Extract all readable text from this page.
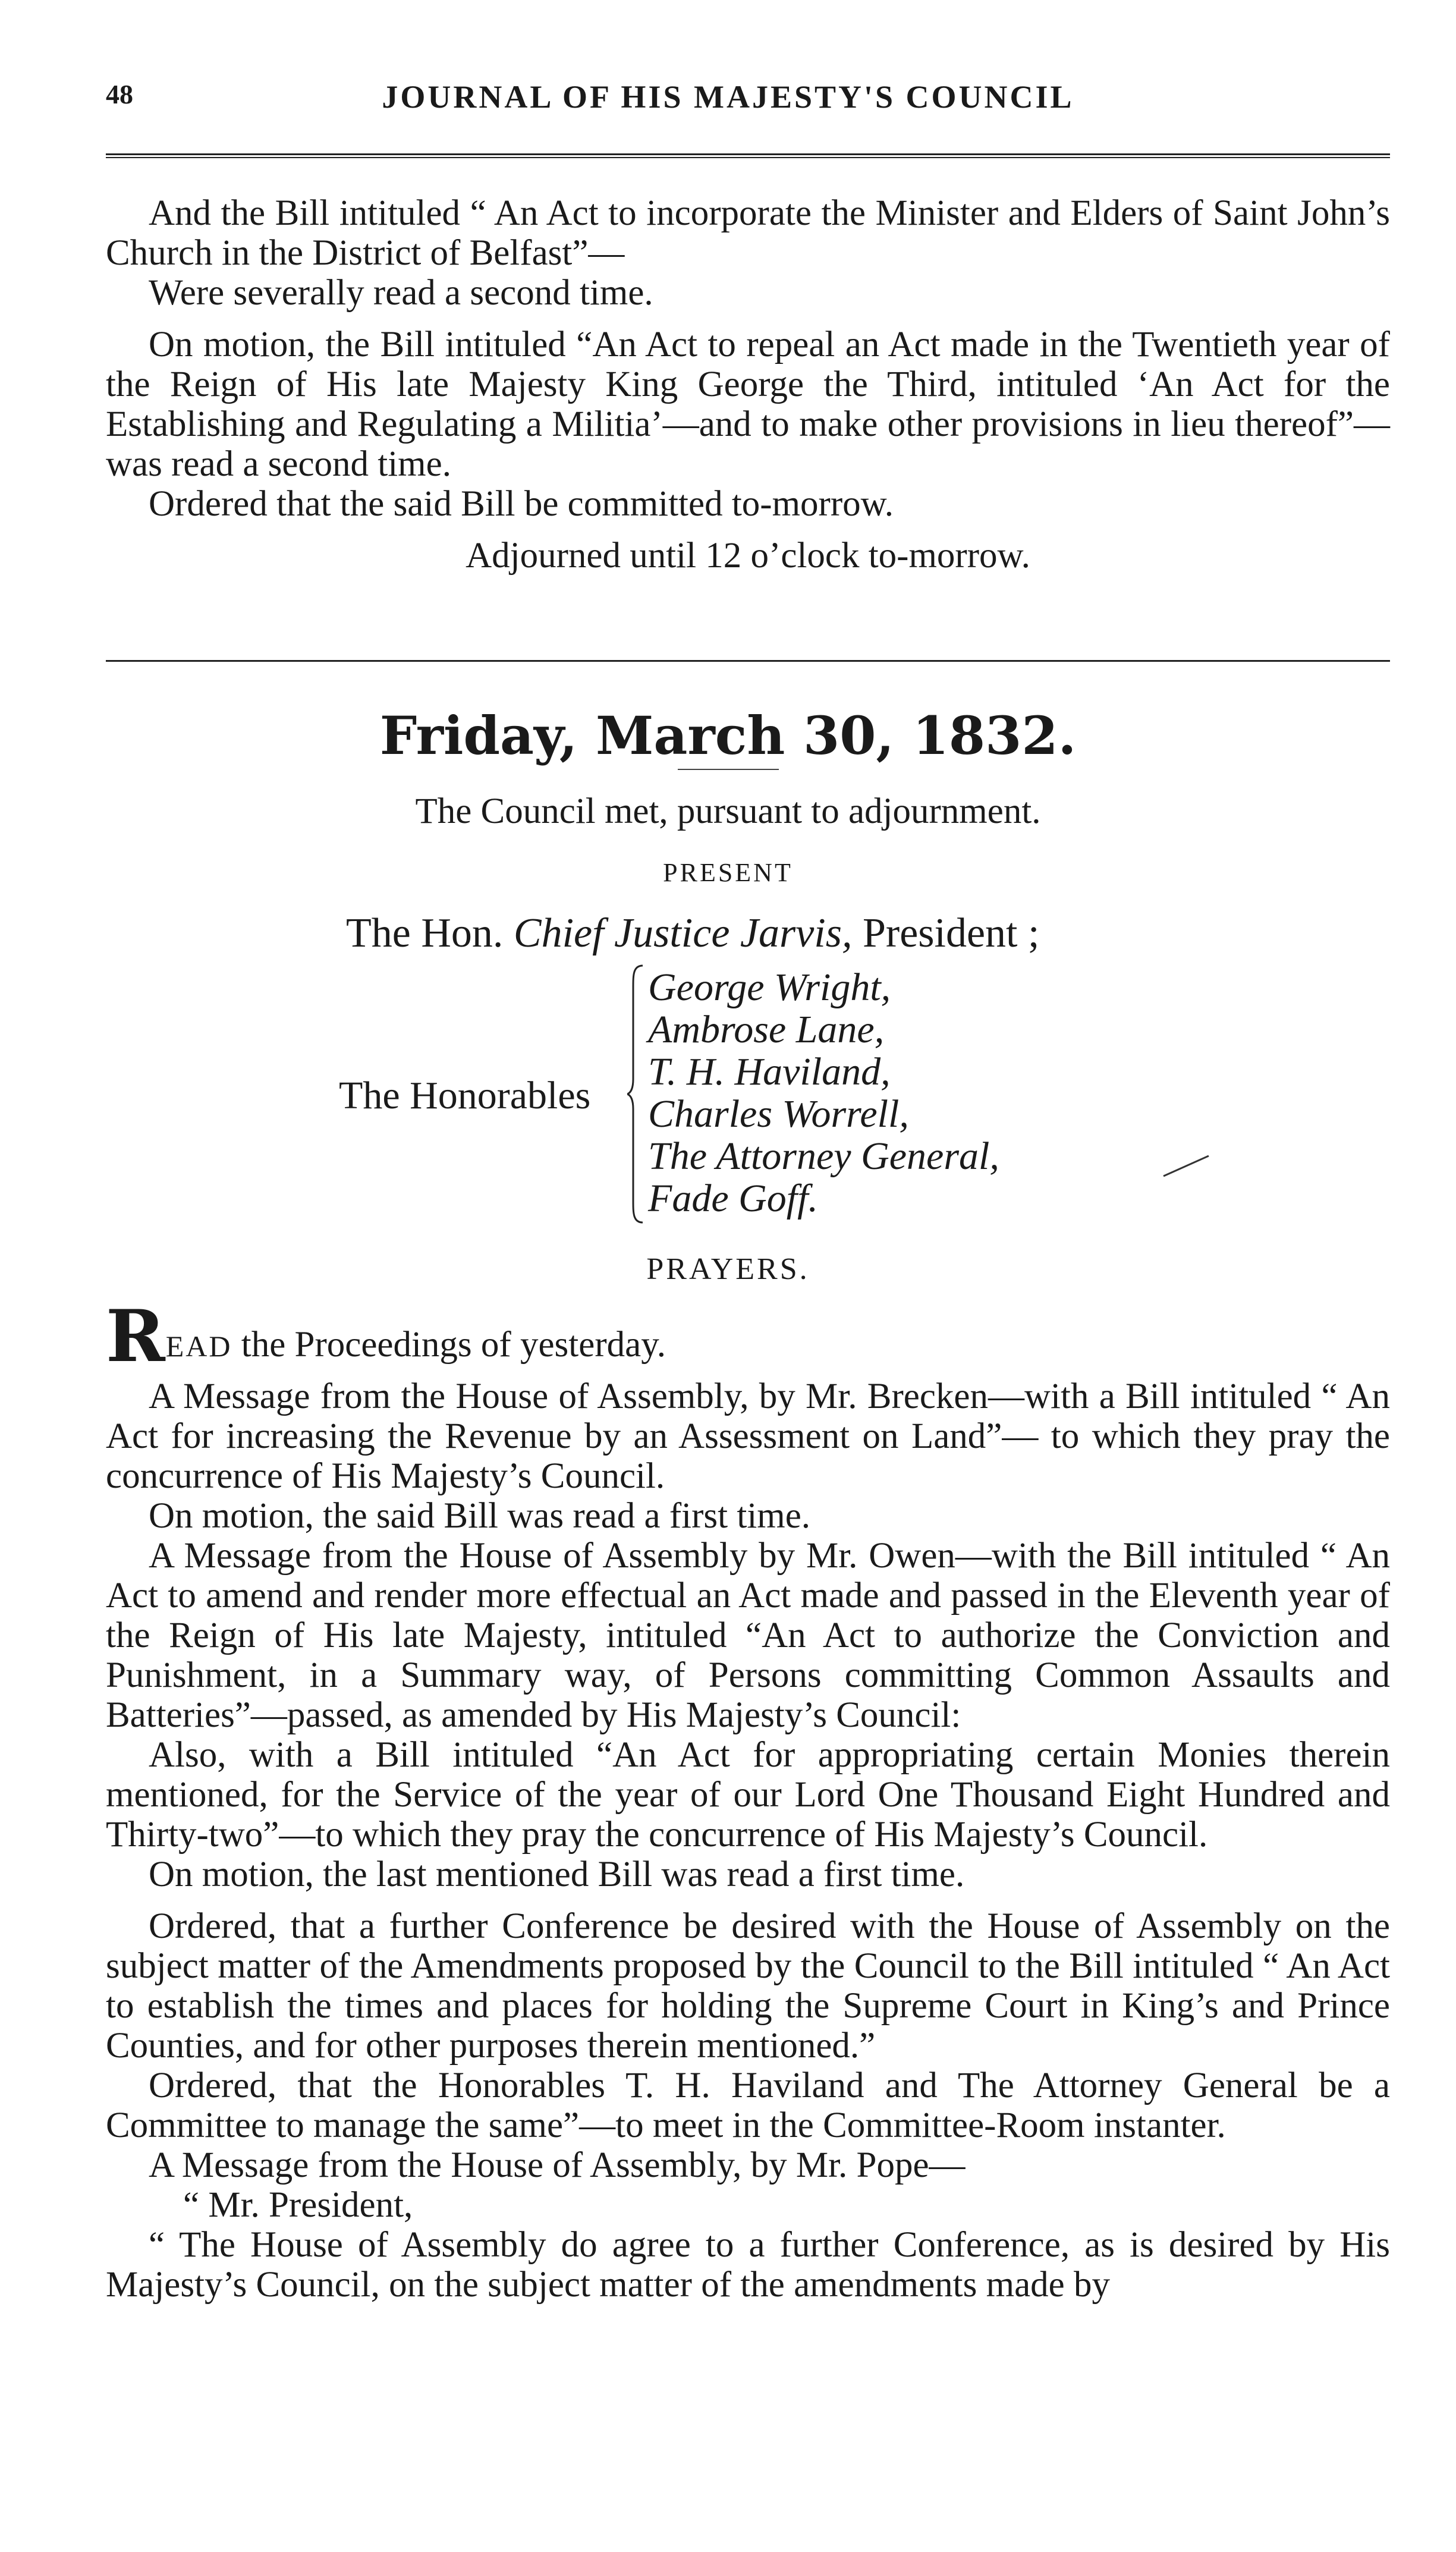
48	JOURNAL OF HIS MAJESTY'S COUNCIL

And the Bill intituled “ An Act to incorporate the Minister and Elders of Saint John’s Church in the District of Belfast”—

Were severally read a second time.

On motion, the Bill intituled “An Act to repeal an Act made in the Twentieth year of the Reign of His late Majesty King George the Third, intituled ‘An Act for the Establishing and Regulating a Militia’—and to make other provisions in lieu thereof”—was read a second time.

Ordered that the said Bill be committed to-morrow.

Adjourned until 12 o’clock to-morrow.

Friday, March 30, 1832.
The Council met, pursuant to adjournment.
PRESENT
The Hon. Chief Justice Jarvis, President ;
The Honorables
George Wright,
Ambrose Lane,
T. H. Haviland,
Charles Worrell,
The Attorney General,
Fade Goff.
PRAYERS.
READ the Proceedings of yesterday.

A Message from the House of Assembly, by Mr. Brecken—with a Bill intituled “ An Act for increasing the Revenue by an Assessment on Land”— to which they pray the concurrence of His Majesty’s Council.

On motion, the said Bill was read a first time.

A Message from the House of Assembly by Mr. Owen—with the Bill intituled “ An Act to amend and render more effectual an Act made and passed in the Eleventh year of the Reign of His late Majesty, intituled “An Act to authorize the Conviction and Punishment, in a Summary way, of Persons committing Common Assaults and Batteries”—passed, as amended by His Majesty’s Council:

Also, with a Bill intituled “An Act for appropriating certain Monies therein mentioned, for the Service of the year of our Lord One Thousand Eight Hundred and Thirty-two”—to which they pray the concurrence of His Majesty’s Council.

On motion, the last mentioned Bill was read a first time.

Ordered, that a further Conference be desired with the House of Assembly on the subject matter of the Amendments proposed by the Council to the Bill intituled “ An Act to establish the times and places for holding the Supreme Court in King’s and Prince Counties, and for other purposes therein mentioned.”

Ordered, that the Honorables T. H. Haviland and The Attorney General be a Committee to manage the same”—to meet in the Committee-Room instanter.

A Message from the House of Assembly, by Mr. Pope—

“ Mr. President,

“ The House of Assembly do agree to a further Conference, as is desired by His Majesty’s Council, on the subject matter of the amendments made by
